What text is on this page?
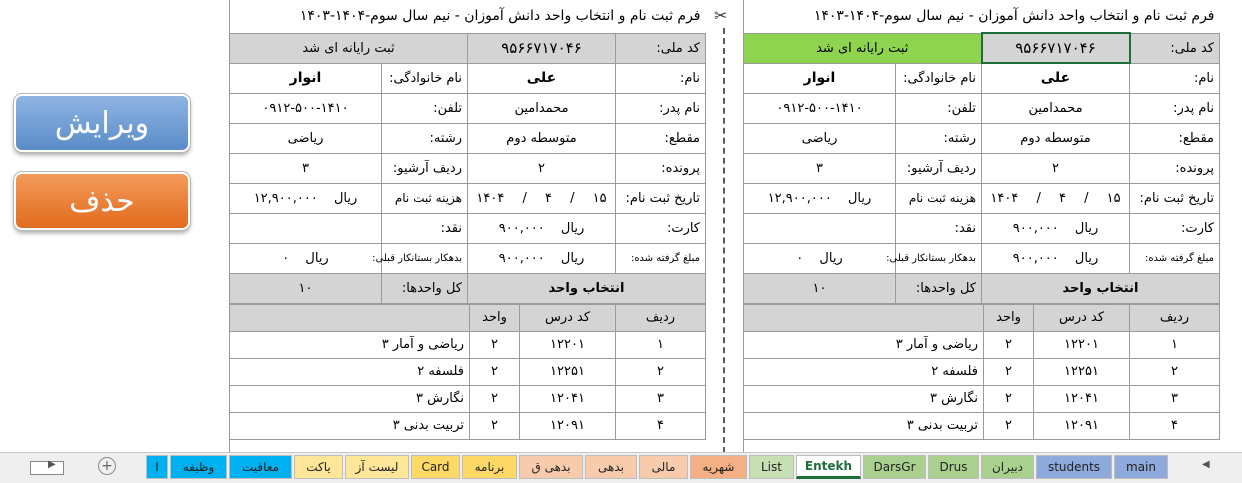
ویرایش
حذف
✂
فرم ثبت نام و انتخاب واحد دانش آموزان - نیم سال سوم-۱۴۰۴-۱۴۰۳			
کد ملی:	۹۵۶۶۷۱۷۰۴۶	ثبت رایانه ای شد	
نام:	علی	نام خانوادگی:	انوار
نام پدر:	محمدامین	تلفن:	۰۹۱۲-۵۰۰-۱۴۱۰
مقطع:	متوسطه دوم	رشته:	ریاضی
پرونده:	۲	ردیف آرشیو:	۳
تاریخ ثبت نام:	۱۵ / ۴ / ۱۴۰۴	هزینه ثبت نام	ریال ۱۲,۹۰۰,۰۰۰
کارت:	ریال ۹۰۰,۰۰۰	نقد:	
مبلغ گرفته شده:	ریال ۹۰۰,۰۰۰	بدهکار بستانکار قبلی:	ریال ۰
انتخاب واحد		کل واحدها:	۱۰
ردیف	کد درس	واحد	
۱	۱۲۲۰۱	۲	ریاضی و آمار ۳
۲	۱۲۲۵۱	۲	فلسفه ۲
۳	۱۲۰۴۱	۲	نگارش ۳
۴	۱۲۰۹۱	۲	تربیت بدنی ۳
فرم ثبت نام و انتخاب واحد دانش آموزان - نیم سال سوم-۱۴۰۴-۱۴۰۳			
کد ملی:	۹۵۶۶۷۱۷۰۴۶	ثبت رایانه ای شد	
نام:	علی	نام خانوادگی:	انوار
نام پدر:	محمدامین	تلفن:	۰۹۱۲-۵۰۰-۱۴۱۰
مقطع:	متوسطه دوم	رشته:	ریاضی
پرونده:	۲	ردیف آرشیو:	۳
تاریخ ثبت نام:	۱۵ / ۴ / ۱۴۰۴	هزینه ثبت نام	ریال ۱۲,۹۰۰,۰۰۰
کارت:	ریال ۹۰۰,۰۰۰	نقد:	
مبلغ گرفته شده:	ریال ۹۰۰,۰۰۰	بدهکار بستانکار قبلی:	ریال ۰
انتخاب واحد		کل واحدها:	۱۰
ردیف	کد درس	واحد	
۱	۱۲۲۰۱	۲	ریاضی و آمار ۳
۲	۱۲۲۵۱	۲	فلسفه ۲
۳	۱۲۰۴۱	۲	نگارش ۳
۴	۱۲۰۹۱	۲	تربیت بدنی ۳
▶	+	◀
main
students
دبیران
Drus
DarsGr
Entekh
List
شهریه
مالی
بدهی
بدهی ق
برنامه
Card
لیست آز
یاکت
معافیت
وظیفه
ا
